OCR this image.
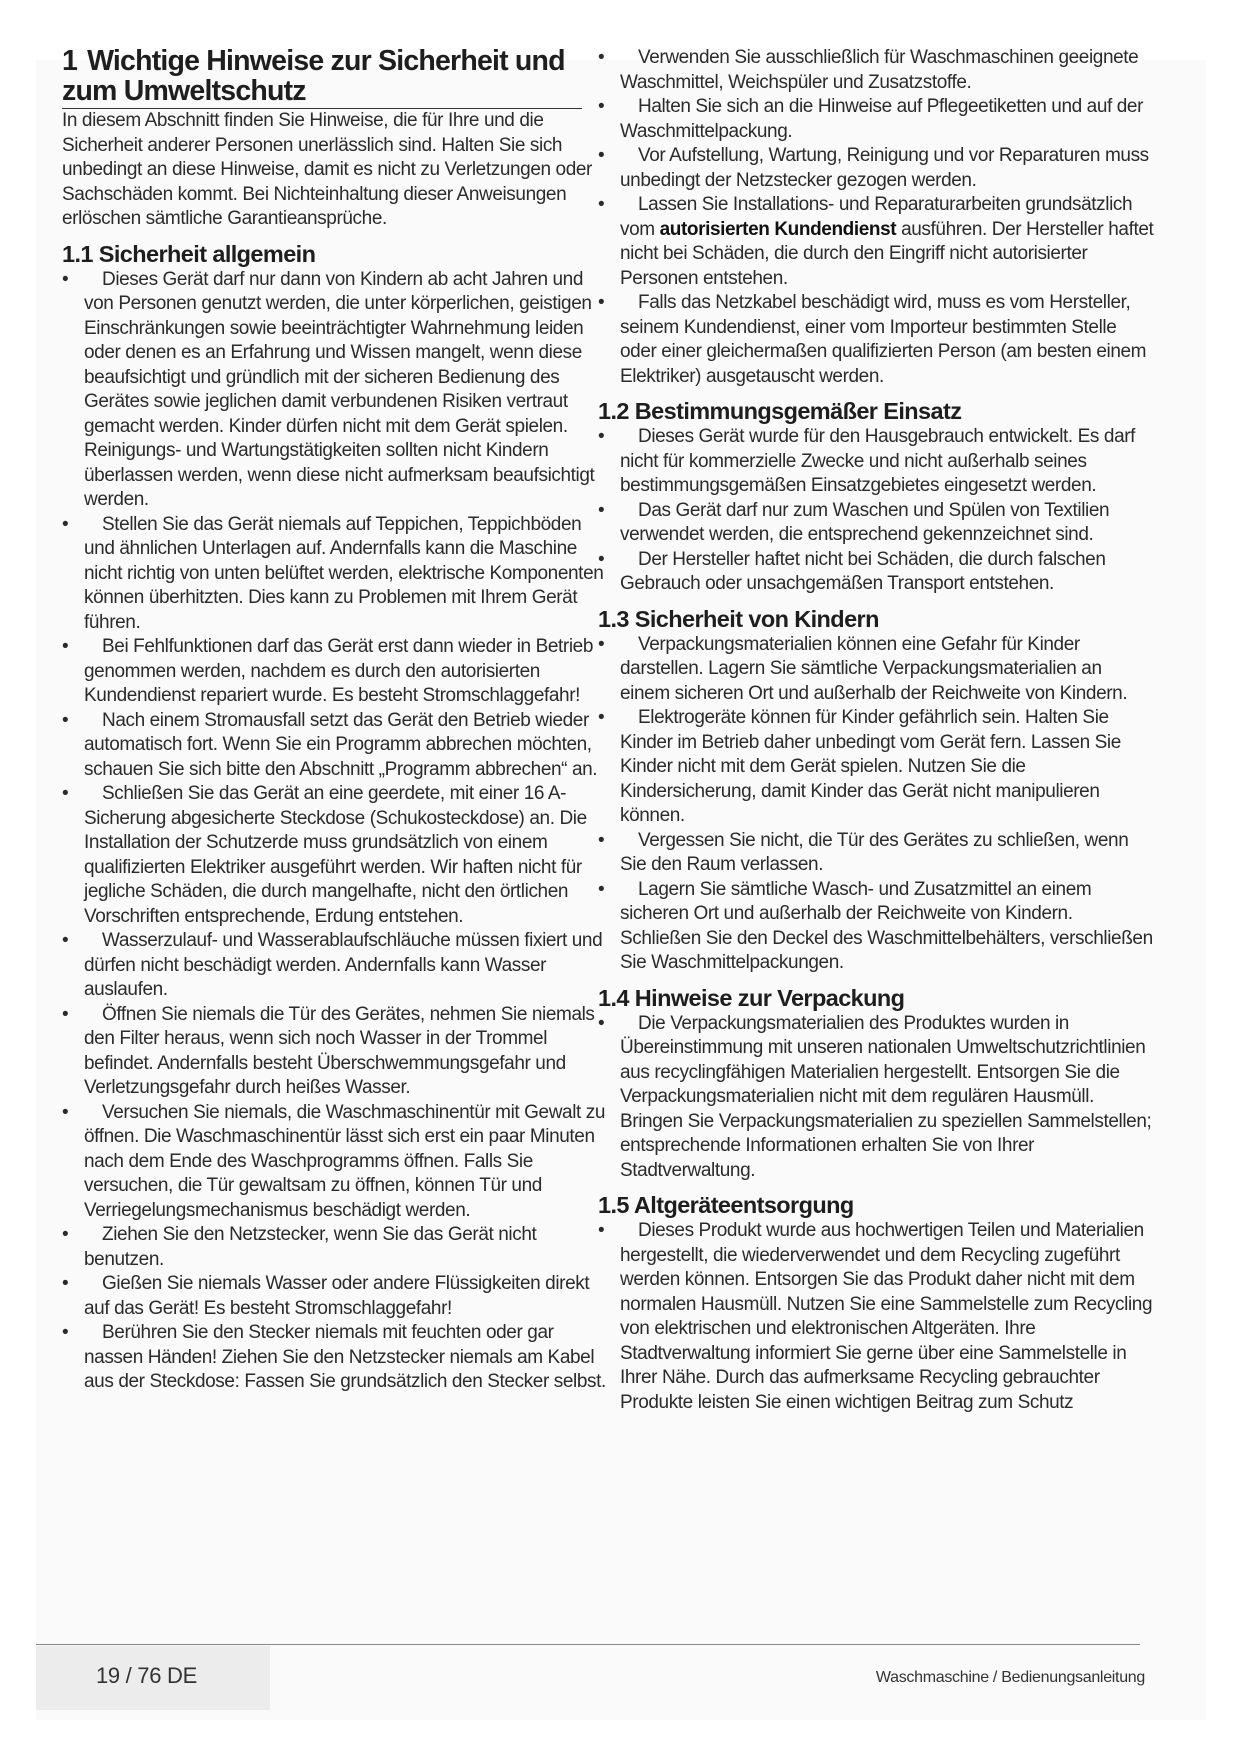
1 Wichtige Hinweise zur Sicherheit und zum Umweltschutz

In diesem Abschnitt finden Sie Hinweise, die für Ihre und die Sicherheit anderer Personen unerlässlich sind. Halten Sie sich unbedingt an diese Hinweise, damit es nicht zu Verletzungen oder Sachschäden kommt. Bei Nichteinhaltung dieser Anweisungen erlöschen sämtliche Garantieansprüche.

1.1 Sicherheit allgemein
• Dieses Gerät darf nur dann von Kindern ab acht Jahren und von Personen genutzt werden, die unter körperlichen, geistigen Einschränkungen sowie beeinträchtigter Wahrnehmung leiden oder denen es an Erfahrung und Wissen mangelt, wenn diese beaufsichtigt und gründlich mit der sicheren Bedienung des Gerätes sowie jeglichen damit verbundenen Risiken vertraut gemacht werden. Kinder dürfen nicht mit dem Gerät spielen. Reinigungs- und Wartungstätigkeiten sollten nicht Kindern überlassen werden, wenn diese nicht aufmerksam beaufsichtigt werden.
• Stellen Sie das Gerät niemals auf Teppichen, Teppichböden und ähnlichen Unterlagen auf. Andernfalls kann die Maschine nicht richtig von unten belüftet werden, elektrische Komponenten können überhitzten. Dies kann zu Problemen mit Ihrem Gerät führen.
• Bei Fehlfunktionen darf das Gerät erst dann wieder in Betrieb genommen werden, nachdem es durch den autorisierten Kundendienst repariert wurde. Es besteht Stromschlaggefahr!
• Nach einem Stromausfall setzt das Gerät den Betrieb wieder automatisch fort. Wenn Sie ein Programm abbrechen möchten, schauen Sie sich bitte den Abschnitt „Programm abbrechen“ an.
• Schließen Sie das Gerät an eine geerdete, mit einer 16 A-Sicherung abgesicherte Steckdose (Schukosteckdose) an. Die Installation der Schutzerde muss grundsätzlich von einem qualifizierten Elektriker ausgeführt werden. Wir haften nicht für jegliche Schäden, die durch mangelhafte, nicht den örtlichen Vorschriften entsprechende, Erdung entstehen.
• Wasserzulauf- und Wasserablaufschläuche müssen fixiert und dürfen nicht beschädigt werden. Andernfalls kann Wasser auslaufen.
• Öffnen Sie niemals die Tür des Gerätes, nehmen Sie niemals den Filter heraus, wenn sich noch Wasser in der Trommel befindet. Andernfalls besteht Überschwemmungsgefahr und Verletzungsgefahr durch heißes Wasser.
• Versuchen Sie niemals, die Waschmaschinentür mit Gewalt zu öffnen. Die Waschmaschinentür lässt sich erst ein paar Minuten nach dem Ende des Waschprogramms öffnen. Falls Sie versuchen, die Tür gewaltsam zu öffnen, können Tür und Verriegelungsmechanismus beschädigt werden.
• Ziehen Sie den Netzstecker, wenn Sie das Gerät nicht benutzen.
• Gießen Sie niemals Wasser oder andere Flüssigkeiten direkt auf das Gerät! Es besteht Stromschlaggefahr!
• Berühren Sie den Stecker niemals mit feuchten oder gar nassen Händen! Ziehen Sie den Netzstecker niemals am Kabel aus der Steckdose: Fassen Sie grundsätzlich den Stecker selbst.
• Verwenden Sie ausschließlich für Waschmaschinen geeignete Waschmittel, Weichspüler und Zusatzstoffe.
• Halten Sie sich an die Hinweise auf Pflegeetiketten und auf der Waschmittelpackung.
• Vor Aufstellung, Wartung, Reinigung und vor Reparaturen muss unbedingt der Netzstecker gezogen werden.
• Lassen Sie Installations- und Reparaturarbeiten grundsätzlich vom autorisierten Kundendienst ausführen. Der Hersteller haftet nicht bei Schäden, die durch den Eingriff nicht autorisierter Personen entstehen.
• Falls das Netzkabel beschädigt wird, muss es vom Hersteller, seinem Kundendienst, einer vom Importeur bestimmten Stelle oder einer gleichermaßen qualifizierten Person (am besten einem Elektriker) ausgetauscht werden.
1.2 Bestimmungsgemäßer Einsatz
• Dieses Gerät wurde für den Hausgebrauch entwickelt. Es darf nicht für kommerzielle Zwecke und nicht außerhalb seines bestimmungsgemäßen Einsatzgebietes eingesetzt werden.
• Das Gerät darf nur zum Waschen und Spülen von Textilien verwendet werden, die entsprechend gekennzeichnet sind.
• Der Hersteller haftet nicht bei Schäden, die durch falschen Gebrauch oder unsachgemäßen Transport entstehen.
1.3 Sicherheit von Kindern
• Verpackungsmaterialien können eine Gefahr für Kinder darstellen. Lagern Sie sämtliche Verpackungsmaterialien an einem sicheren Ort und außerhalb der Reichweite von Kindern.
• Elektrogeräte können für Kinder gefährlich sein. Halten Sie Kinder im Betrieb daher unbedingt vom Gerät fern. Lassen Sie Kinder nicht mit dem Gerät spielen. Nutzen Sie die Kindersicherung, damit Kinder das Gerät nicht manipulieren können.
• Vergessen Sie nicht, die Tür des Gerätes zu schließen, wenn Sie den Raum verlassen.
• Lagern Sie sämtliche Wasch- und Zusatzmittel an einem sicheren Ort und außerhalb der Reichweite von Kindern. Schließen Sie den Deckel des Waschmittelbehälters, verschließen Sie Waschmittelpackungen.
1.4 Hinweise zur Verpackung
• Die Verpackungsmaterialien des Produktes wurden in Übereinstimmung mit unseren nationalen Umweltschutzrichtlinien aus recyclingfähigen Materialien hergestellt. Entsorgen Sie die Verpackungsmaterialien nicht mit dem regulären Hausmüll. Bringen Sie Verpackungsmaterialien zu speziellen Sammelstellen; entsprechende Informationen erhalten Sie von Ihrer Stadtverwaltung.
1.5 Altgeräteentsorgung
• Dieses Produkt wurde aus hochwertigen Teilen und Materialien hergestellt, die wiederverwendet und dem Recycling zugeführt werden können. Entsorgen Sie das Produkt daher nicht mit dem normalen Hausmüll. Nutzen Sie eine Sammelstelle zum Recycling von elektrischen und elektronischen Altgeräten. Ihre Stadtverwaltung informiert Sie gerne über eine Sammelstelle in Ihrer Nähe. Durch das aufmerksame Recycling gebrauchter Produkte leisten Sie einen wichtigen Beitrag zum Schutz
19 / 76 DE	Waschmaschine / Bedienungsanleitung
